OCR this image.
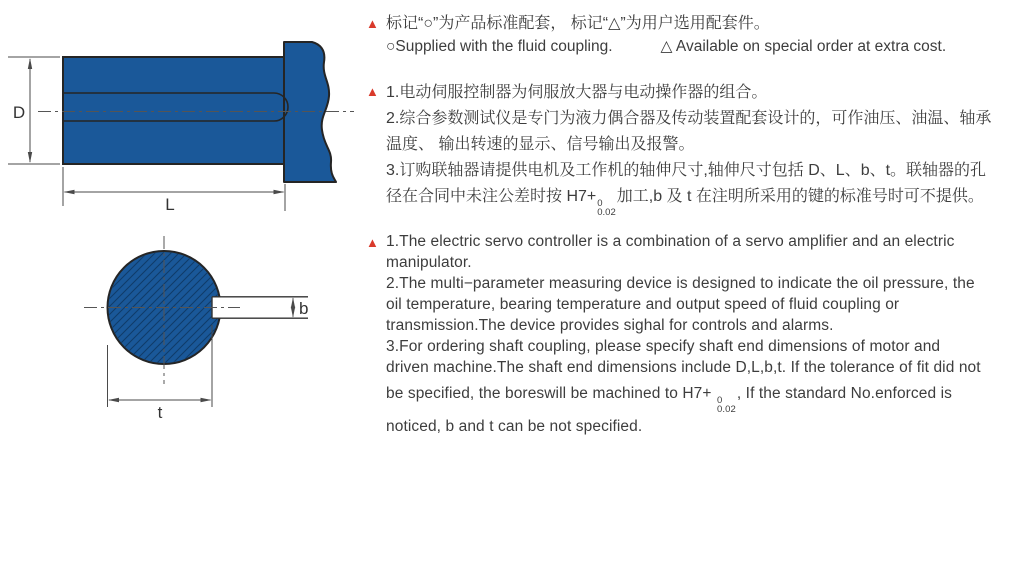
D
L
b
t
▲ 标记“○”为产品标准配套， 标记“△”为用户选用配套件。
○Supplied with the fluid coupling.	△ Available on special order at extra cost.
▲ 1.电动伺服控制器为伺服放大器与电动操作器的组合。
2.综合参数测试仪是专门为液力偶合器及传动装置配套设计的，可作油压、油温、轴承
温度、 输出转速的显示、信号输出及报警。
3.订购联轴器请提供电机及工作机的轴伸尺寸,轴伸尺寸包括 D、L、b、t。联轴器的孔
径在合同中未注公差时按 H7+ 0
0.02
加工,b 及 t 在注明所采用的键的标准号时可不提供。
▲ 1.The electric servo controller is a combination of a servo amplifier and an electric
manipulator.
2.The multi−parameter measuring device is designed to indicate the oil pressure, the
oil temperature, bearing temperature and output speed of fluid coupling or
transmission.The device provides sighal for controls and alarms.
3.For ordering shaft coupling, please specify shaft end dimensions of motor and
driven machine.The shaft end dimensions include D,L,b,t. If the tolerance of fit did not
be specified, the boreswill be machined to H7+ 0
0.02
, If the standard No.enforced is
noticed, b and t can be not specified.
